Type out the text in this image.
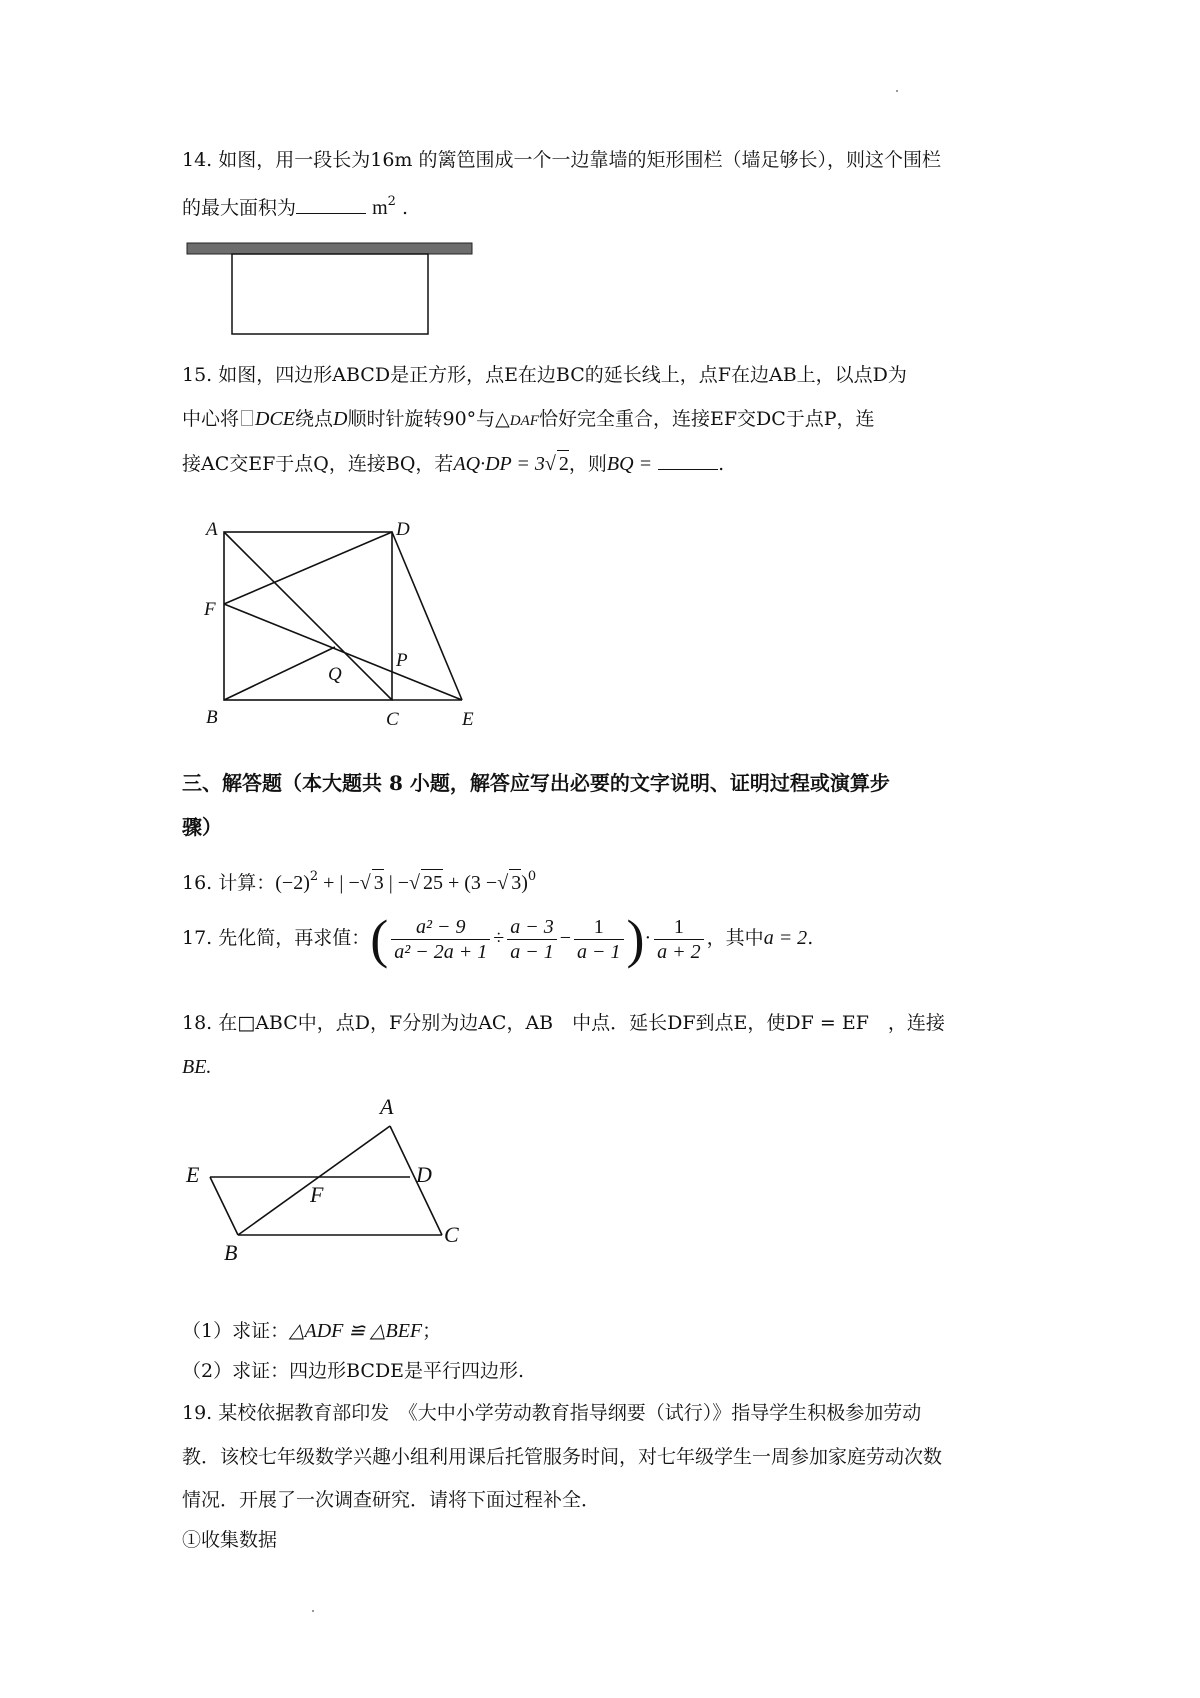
14. 如图，用一段长为16m 的篱笆围成一个一边靠墙的矩形围栏（墙足够长），则这个围栏
的最大面积为	$m^2$ .
15. 如图，四边形ABCD是正方形，点E在边BC的延长线上，点F在边AB上，以点D为
中心将 DCE绕点D顺时针旋转90°与△DAF恰好完全重合，连接EF交DC于点P，连
接AC交EF于点Q，连接BQ，若AQ·DP = 3√ 2，则BQ =	.
A	D
F
P
Q
B	C	E
三、解答题（本大题共 8 小题，解答应写出必要的文字说明、证明过程或演算步
骤）
16. 计算：$(-2)^2$ + | −√ 3 | −√ 25 + (3 −√ 3)$^0$
17. 先化简，再求值：( $\frac{\text{a² − 9}}{\text{a² − 2a + 1}} \div \frac{a - 3}{a - 1} - \frac{1}{a - 1}$ )· $\frac{1}{a + 2}$ ，其中a = 2.
18. 在□ABC中，点D，F分别为边AC，AB　中点．延长DF到点E，使DF = EF　，连接
BE.
A
E	D
F
B
C
（1）求证：△ADF ≌ △BEF；
（2）求证：四边形BCDE是平行四边形.
19. 某校依据教育部印发　《大中小学劳动教育指导纲要（试行）》指导学生积极参加劳动
教．该校七年级数学兴趣小组利用课后托管服务时间，对七年级学生一周参加家庭劳动次数
情况．开展了一次调查研究．请将下面过程补全．
①收集数据
